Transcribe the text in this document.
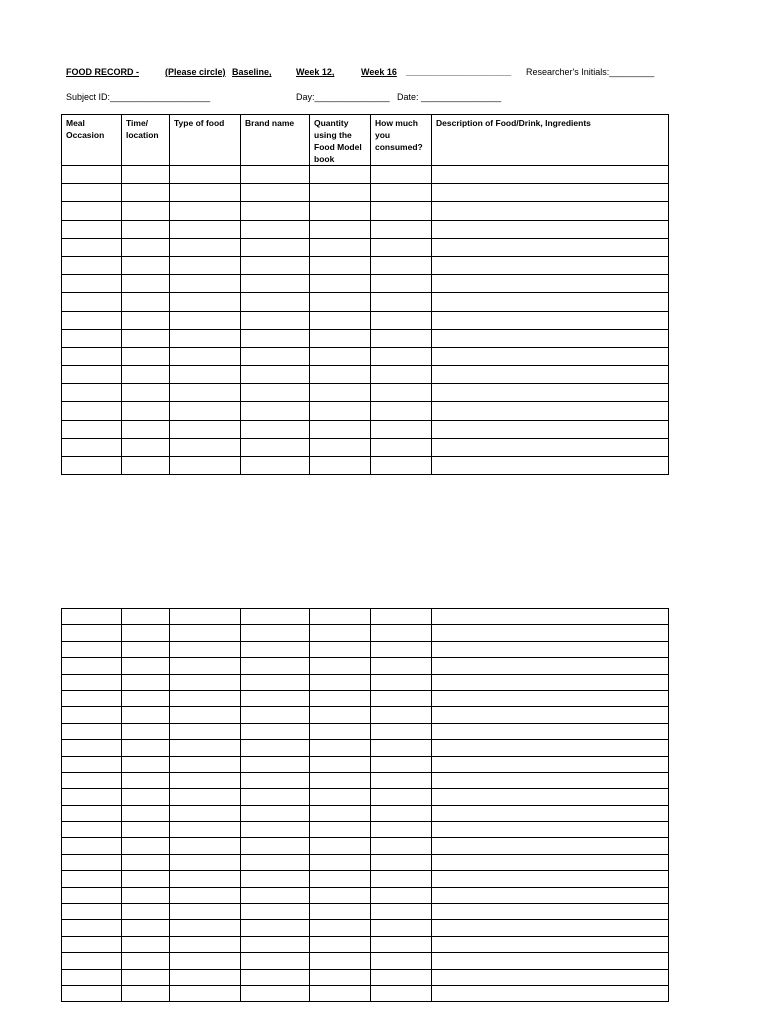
FOOD RECORD -	(Please circle) Baseline,	Week 12,	Week 16 _____________________ Researcher's Initials:_________
Subject ID:____________________	Day:_______________ Date: ________________
Meal Occasion	Time/ location	Type of food	Brand name	Quantity using the Food Model book	How much you consumed?	Description of Food/Drink, Ingredients
